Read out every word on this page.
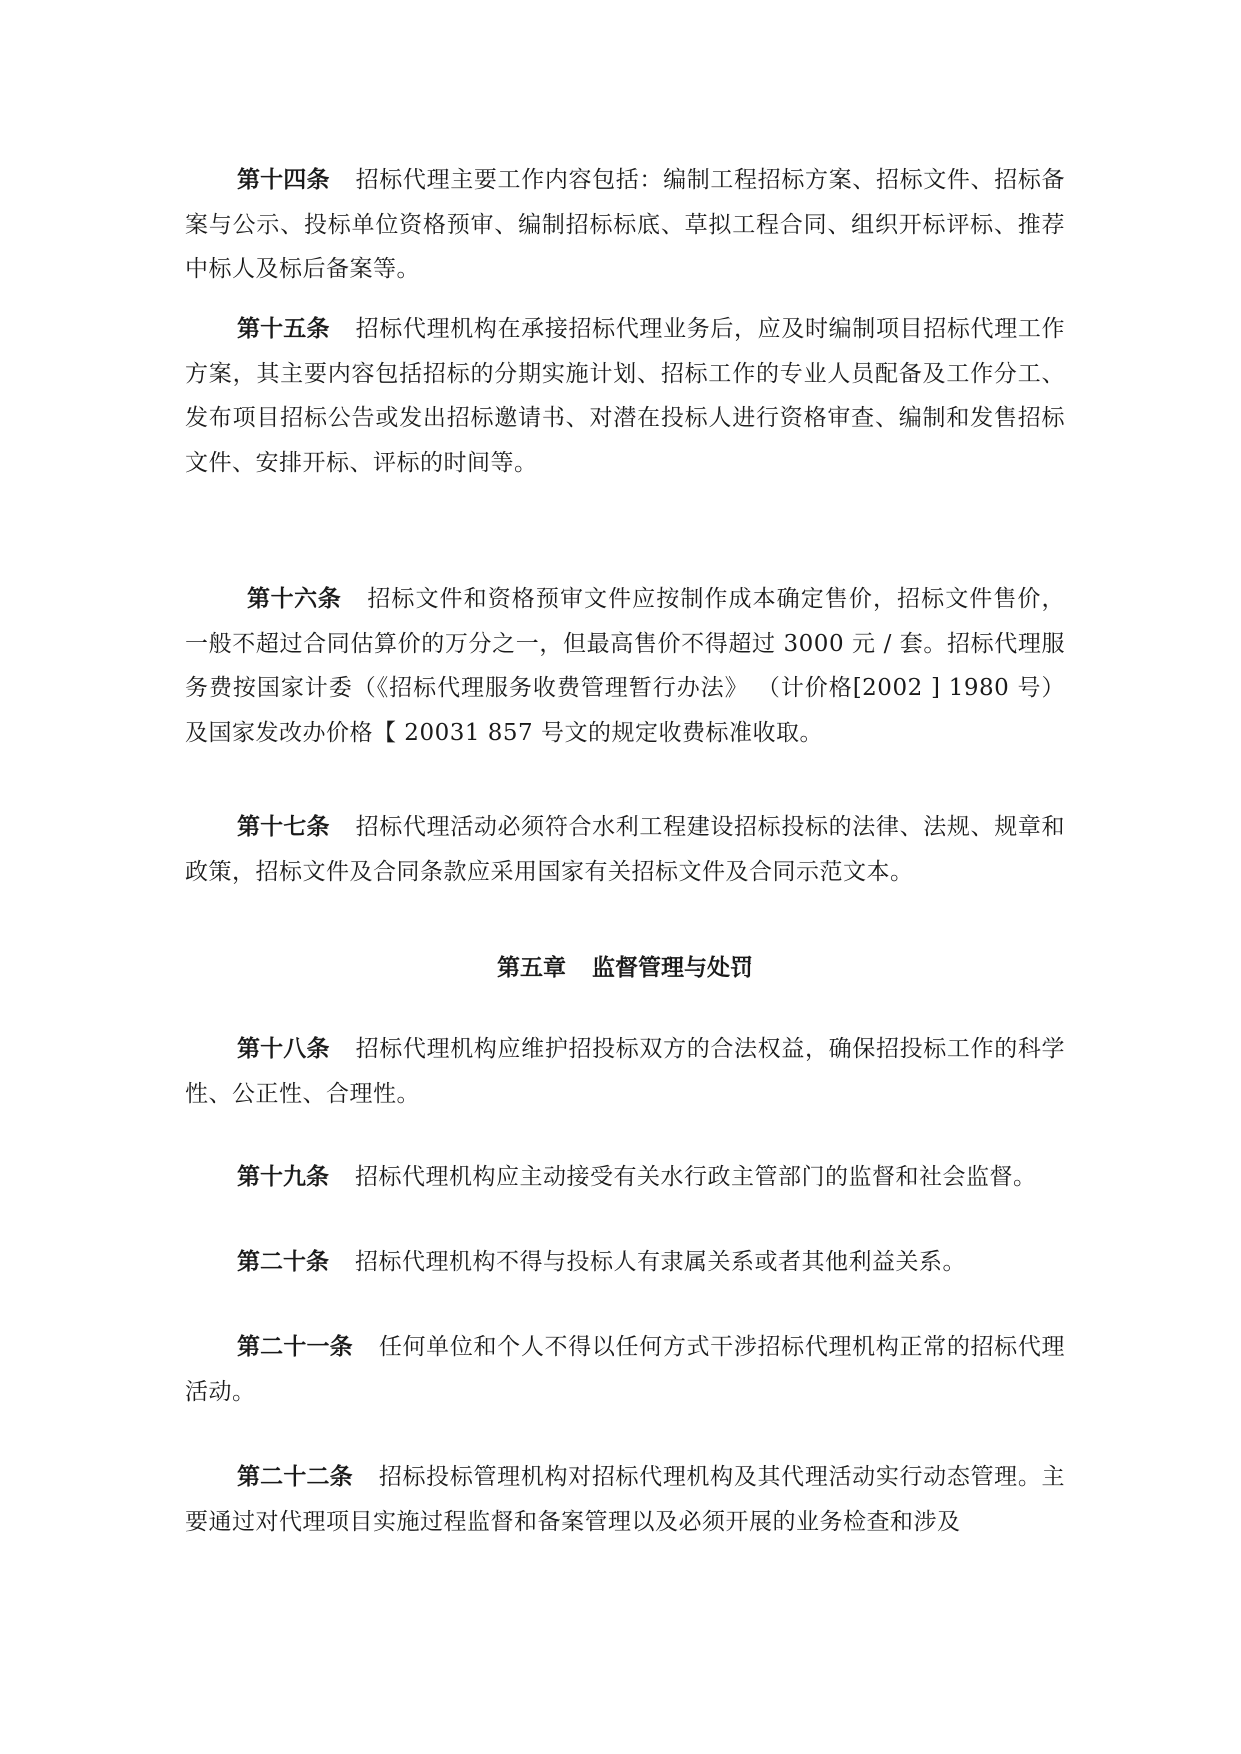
第十四条 招标代理主要工作内容包括：编制工程招标方案、招标文件、招标备案与公示、投标单位资格预审、编制招标标底、草拟工程合同、组织开标评标、推荐中标人及标后备案等。

第十五条 招标代理机构在承接招标代理业务后，应及时编制项目招标代理工作方案，其主要内容包括招标的分期实施计划、招标工作的专业人员配备及工作分工、发布项目招标公告或发出招标邀请书、对潜在投标人进行资格审查、编制和发售招标文件、安排开标、评标的时间等。

第十六条 招标文件和资格预审文件应按制作成本确定售价，招标文件售价，一般不超过合同估算价的万分之一，但最高售价不得超过 3000 元 / 套。招标代理服务费按国家计委（《招标代理服务收费管理暂行办法》 （计价格[2002 ] 1980 号）及国家发改办价格【 20031 857 号文的规定收费标准收取。

第十七条 招标代理活动必须符合水利工程建设招标投标的法律、法规、规章和政策，招标文件及合同条款应采用国家有关招标文件及合同示范文本。

第五章 监督管理与处罚

第十八条 招标代理机构应维护招投标双方的合法权益，确保招投标工作的科学性、公正性、合理性。

第十九条 招标代理机构应主动接受有关水行政主管部门的监督和社会监督。

第二十条 招标代理机构不得与投标人有隶属关系或者其他利益关系。

第二十一条 任何单位和个人不得以任何方式干涉招标代理机构正常的招标代理活动。

第二十二条 招标投标管理机构对招标代理机构及其代理活动实行动态管理。主要通过对代理项目实施过程监督和备案管理以及必须开展的业务检查和涉及
